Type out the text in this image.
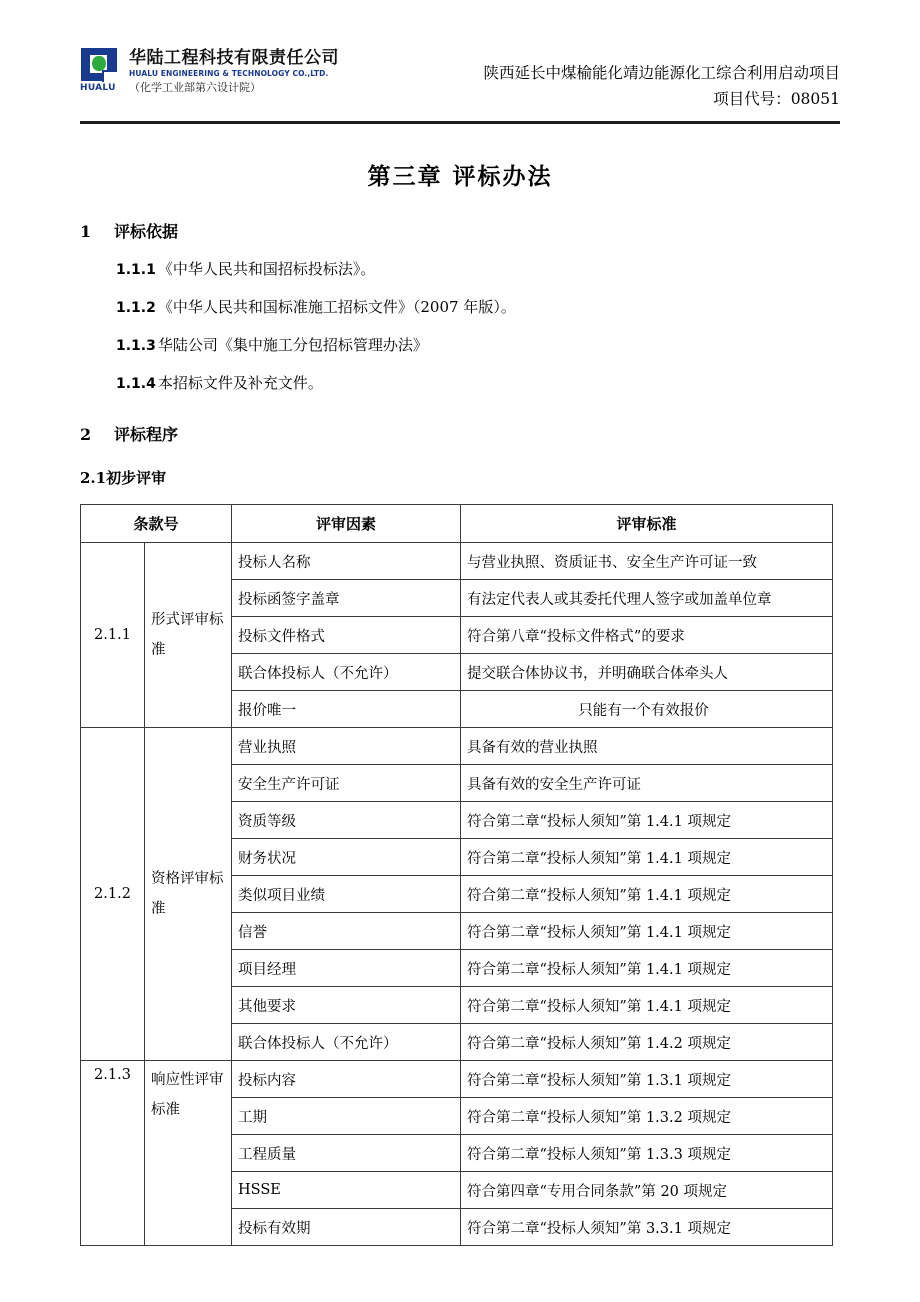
HUALU
华陆工程科技有限责任公司
HUALU ENGINEERING & TECHNOLOGY CO.,LTD.
（化学工业部第六设计院）
陕西延长中煤榆能化靖边能源化工综合利用启动项目
项目代号：08051
第三章 评标办法
1 评标依据
1.1.1 《中华人民共和国招标投标法》。
1.1.2 《中华人民共和国标准施工招标文件》（2007 年版）。
1.1.3 华陆公司《集中施工分包招标管理办法》
1.1.4 本招标文件及补充文件。
2 评标程序
2.1初步评审
条款号		评审因素	评审标准
2.1.1	形式评审标准	投标人名称	与营业执照、资质证书、安全生产许可证一致
		投标函签字盖章	有法定代表人或其委托代理人签字或加盖单位章
		投标文件格式	符合第八章“投标文件格式”的要求
		联合体投标人（不允许）	提交联合体协议书，并明确联合体牵头人
		报价唯一	只能有一个有效报价
2.1.2	资格评审标准	营业执照	具备有效的营业执照
		安全生产许可证	具备有效的安全生产许可证
		资质等级	符合第二章“投标人须知”第 1.4.1 项规定
		财务状况	符合第二章“投标人须知”第 1.4.1 项规定
		类似项目业绩	符合第二章“投标人须知”第 1.4.1 项规定
		信誉	符合第二章“投标人须知”第 1.4.1 项规定
		项目经理	符合第二章“投标人须知”第 1.4.1 项规定
		其他要求	符合第二章“投标人须知”第 1.4.1 项规定
		联合体投标人（不允许）	符合第二章“投标人须知”第 1.4.2 项规定
2.1.3	响应性评审标准	投标内容	符合第二章“投标人须知”第 1.3.1 项规定
		工期	符合第二章“投标人须知”第 1.3.2 项规定
		工程质量	符合第二章“投标人须知”第 1.3.3 项规定
		HSSE	符合第四章“专用合同条款”第 20 项规定
		投标有效期	符合第二章“投标人须知”第 3.3.1 项规定
